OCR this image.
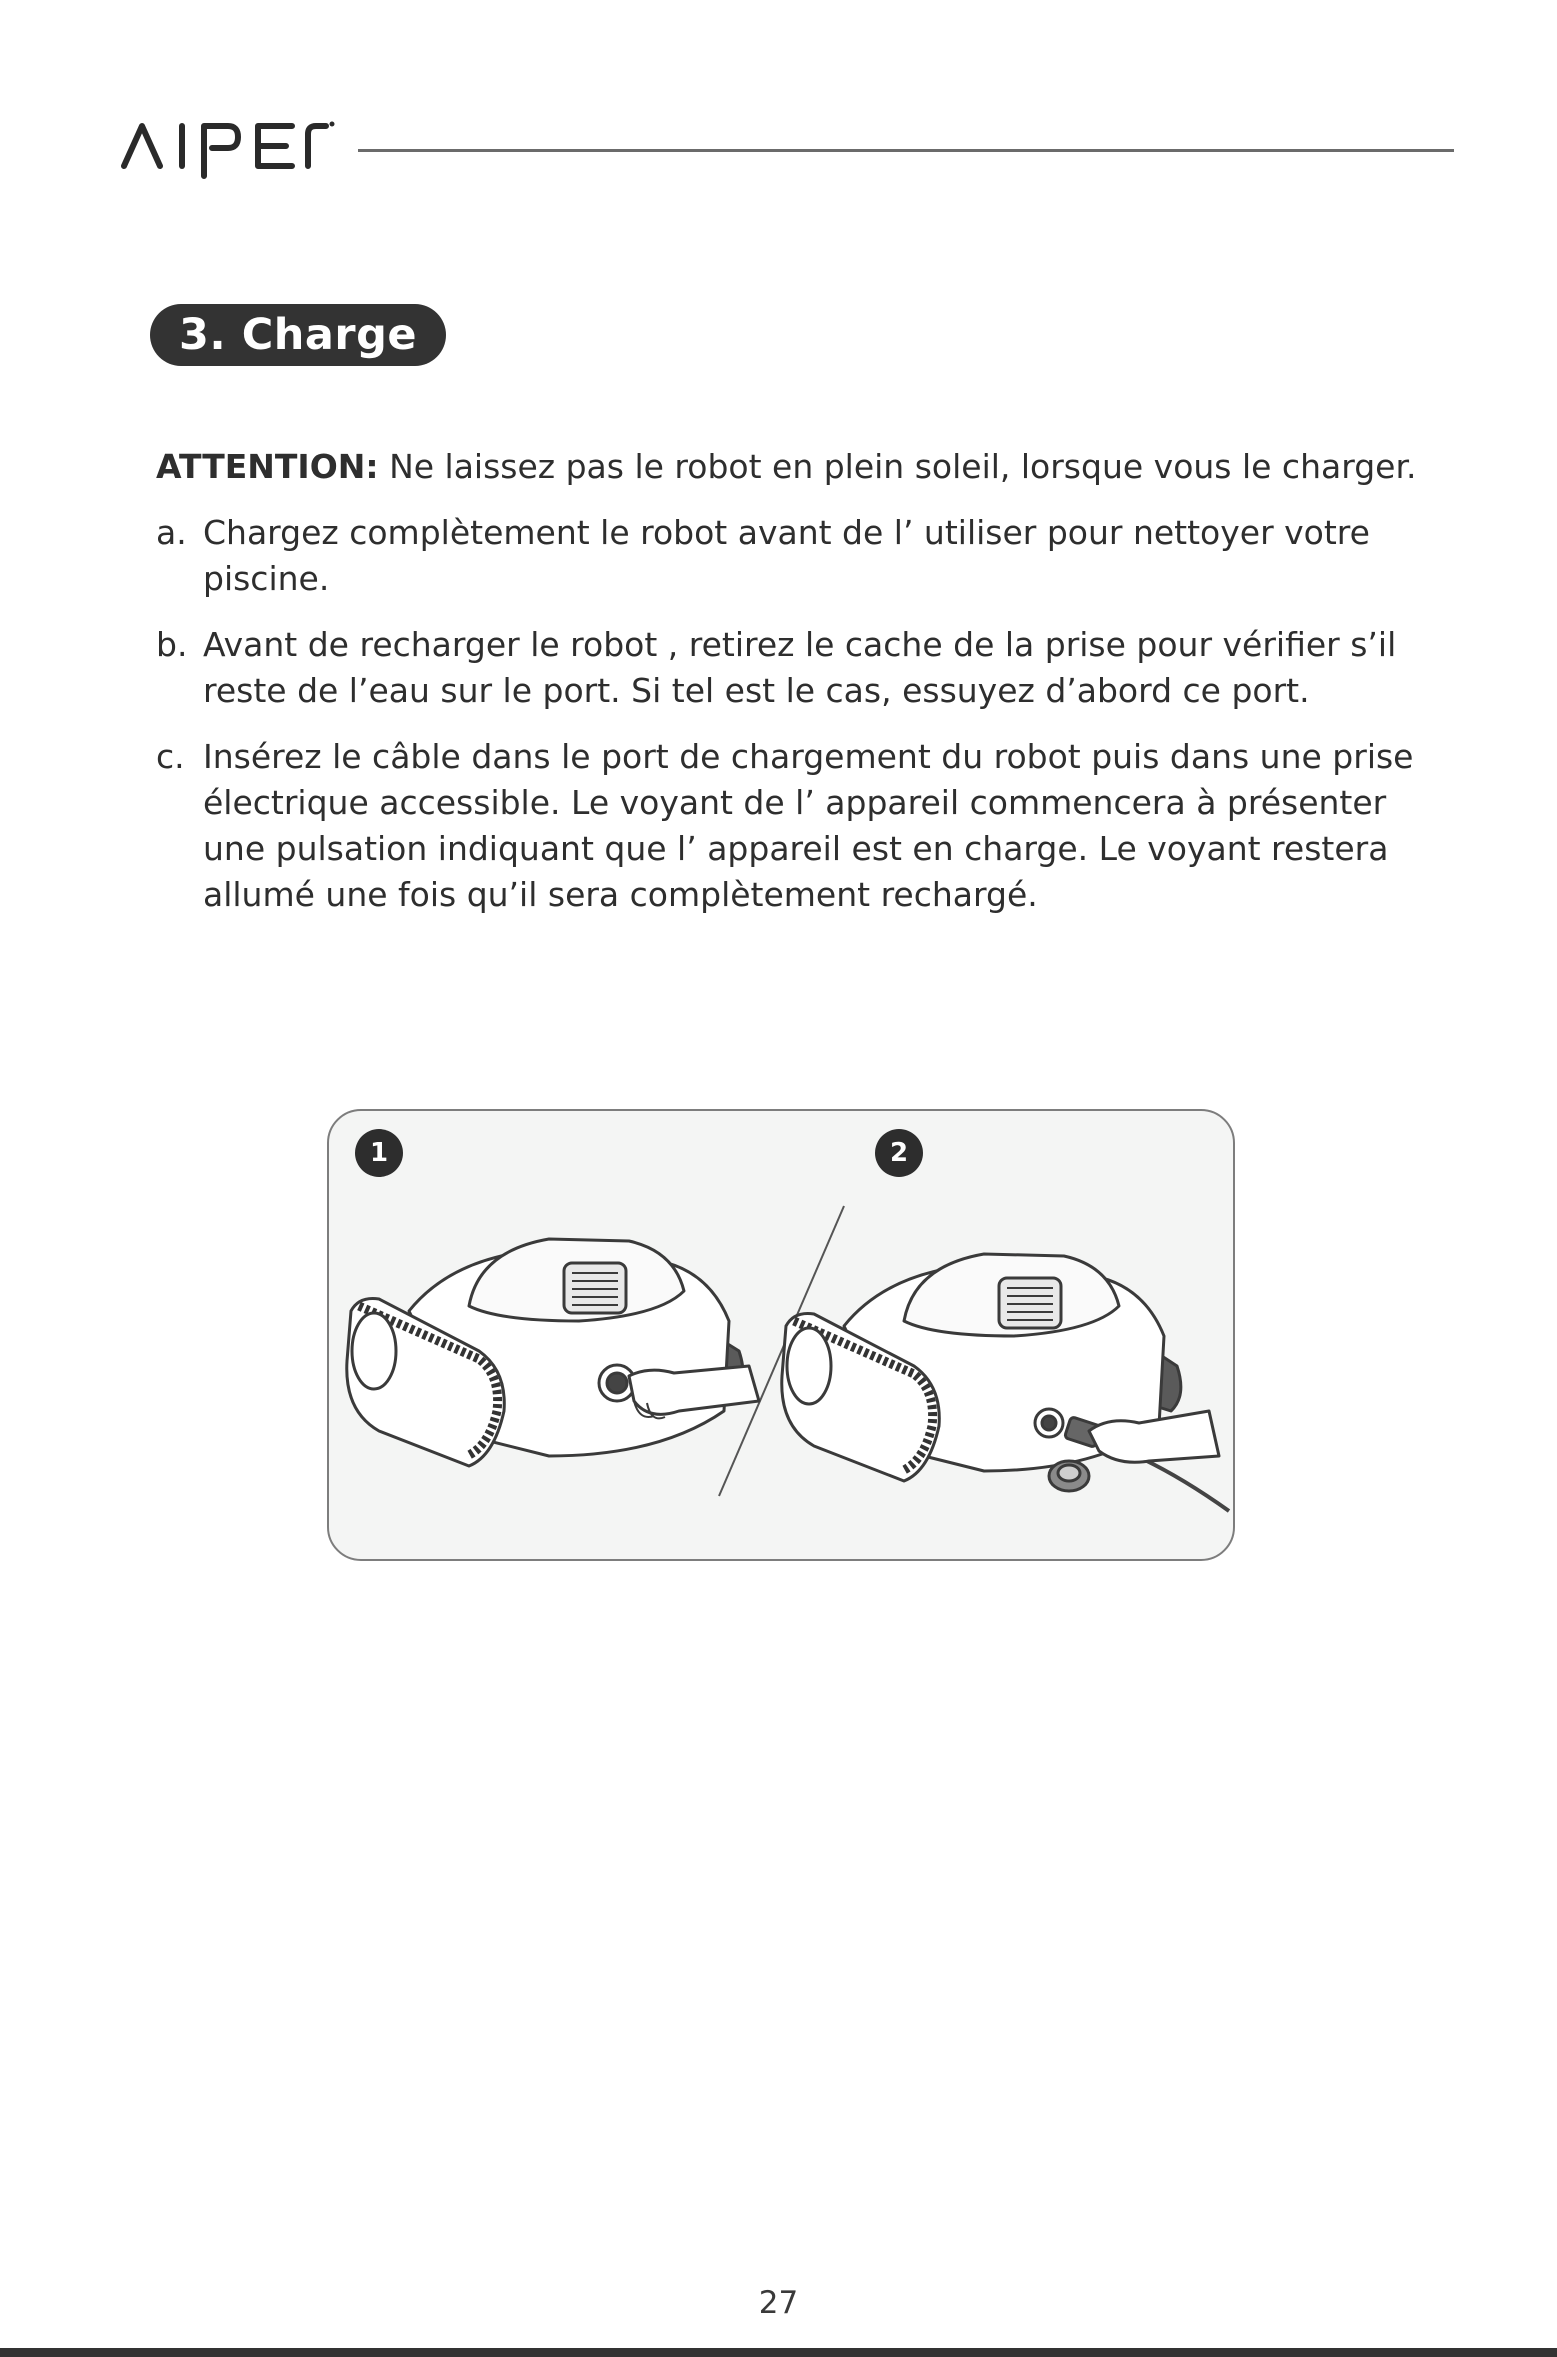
3. Charge

ATTENTION: Ne laissez pas le robot en plein soleil, lorsque vous le charger.

a. Chargez complètement le robot avant de l’ utiliser pour nettoyer votre piscine.
b. Avant de recharger le robot , retirez le cache de la prise pour vérifier s’il reste de l’eau sur le port. Si tel est le cas, essuyez d’abord ce port.
c. Insérez le câble dans le port de chargement du robot puis dans une prise électrique accessible. Le voyant de l’ appareil commencera à présenter une pulsation indiquant que l’ appareil est en charge. Le voyant restera allumé une fois qu’il sera complètement rechargé.
1	2
27
